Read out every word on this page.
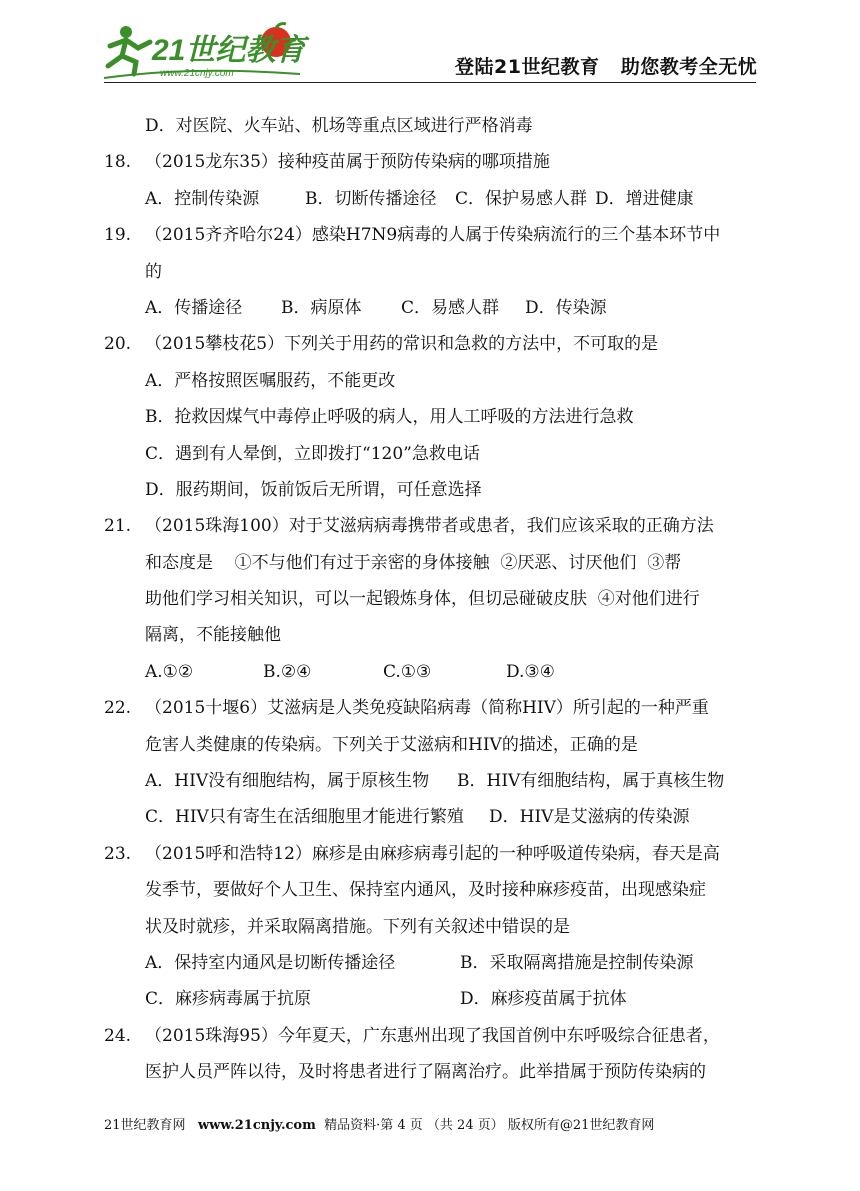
21世纪教育
www.21cnjy.com	登陆21世纪教育   助您教考全无忧
D．对医院、火车站、机场等重点区域进行严格消毒
18. （2015龙东35）接种疫苗属于预防传染病的哪项措施
A．控制传染源	B．切断传播途径 C．保护易感人群 D．增进健康
19. （2015齐齐哈尔24）感染H7N9病毒的人属于传染病流行的三个基本环节中
的
A．传播途径 B．病原体 C．易感人群 D．传染源
20. （2015攀枝花5）下列关于用药的常识和急救的方法中，不可取的是
A．严格按照医嘱服药，不能更改
B．抢救因煤气中毒停止呼吸的病人，用人工呼吸的方法进行急救
C．遇到有人晕倒，立即拨打“120”急救电话
D．服药期间，饭前饭后无所谓，可任意选择
21. （2015珠海100）对于艾滋病病毒携带者或患者，我们应该采取的正确方法
和态度是    ①不与他们有过于亲密的身体接触  ②厌恶、讨厌他们  ③帮
助他们学习相关知识，可以一起锻炼身体，但切忌碰破皮肤  ④对他们进行
隔离，不能接触他
A.①②	B.②④	C.①③	D.③④
22. （2015十堰6）艾滋病是人类免疫缺陷病毒（简称HIV）所引起的一种严重
危害人类健康的传染病。下列关于艾滋病和HIV的描述，正确的是
A．HIV没有细胞结构，属于原核生物 B．HIV有细胞结构，属于真核生物
C．HIV只有寄生在活细胞里才能进行繁殖 D．HIV是艾滋病的传染源
23. （2015呼和浩特12）麻疹是由麻疹病毒引起的一种呼吸道传染病，春天是高
发季节，要做好个人卫生、保持室内通风，及时接种麻疹疫苗，出现感染症
状及时就疹，并采取隔离措施。下列有关叙述中错误的是
A．保持室内通风是切断传播途径	B．采取隔离措施是控制传染源
C．麻疹病毒属于抗原	D．麻疹疫苗属于抗体
24. （2015珠海95）今年夏天，广东惠州出现了我国首例中东呼吸综合征患者，
医护人员严阵以待，及时将患者进行了隔离治疗。此举措属于预防传染病的
21世纪教育网 www.21cnjy.com 精品资料·第 4 页 （共 24 页） 版权所有@21世纪教育网
